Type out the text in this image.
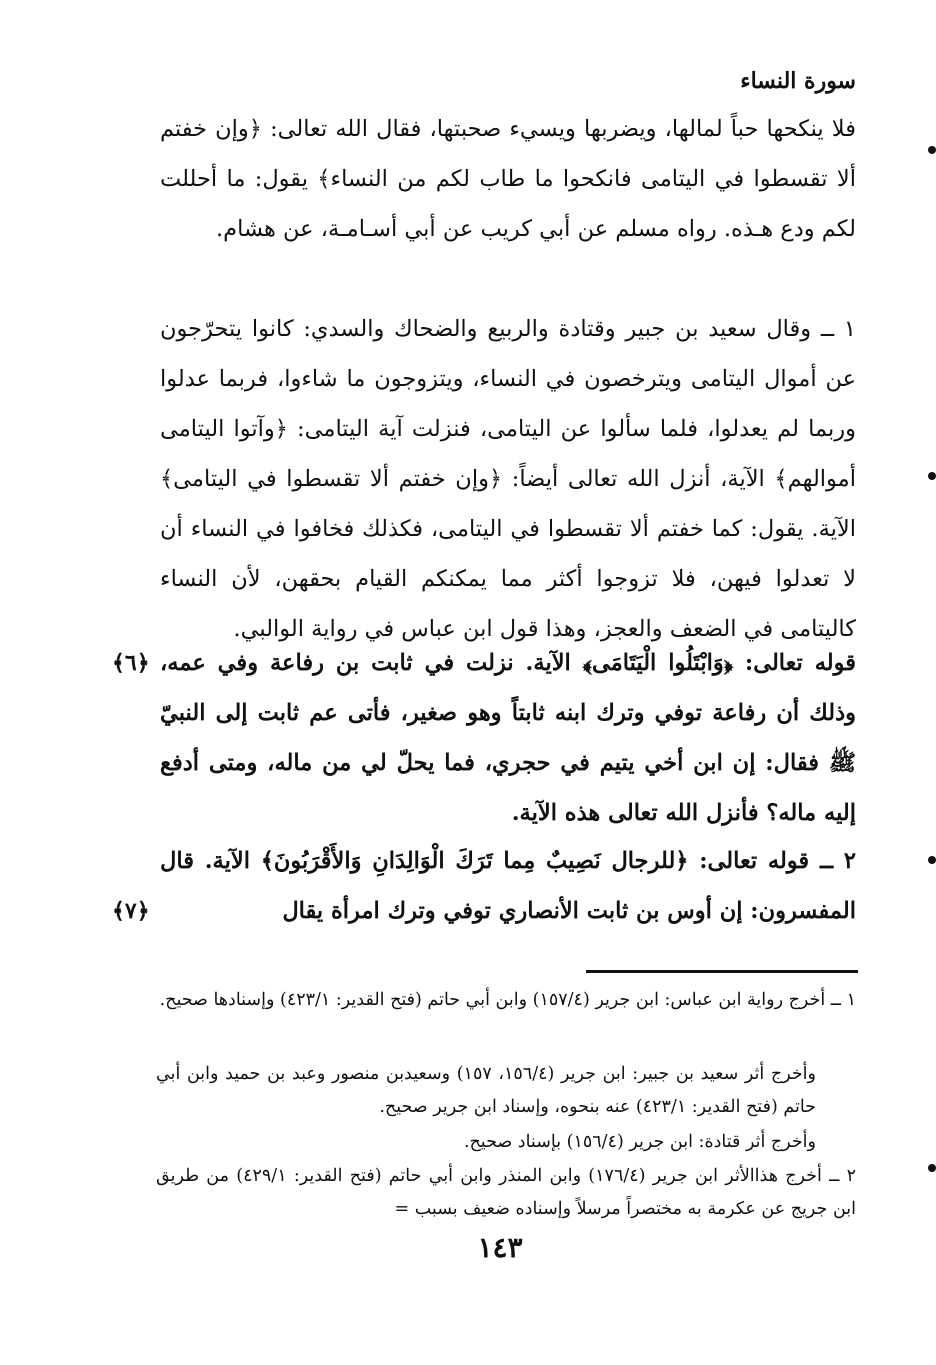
سورة النساء
فلا ينكحها حباً لمالها، ويضربها ويسيء صحبتها، فقال الله تعالى: ﴿وإن خفتم ألا تقسطوا في اليتامى فانكحوا ما طاب لكم من النساء﴾ يقول: ما أحللت لكم ودع هـذه. رواه مسلم عن أبي كريب عن أبي أسـامـة، عن هشام.
١ ــ وقال سعيد بن جبير وقتادة والربيع والضحاك والسدي: كانوا يتحرّجون عن أموال اليتامى ويترخصون في النساء، ويتزوجون ما شاءوا، فربما عدلوا وربما لم يعدلوا، فلما سألوا عن اليتامى، فنزلت آية اليتامى: ﴿وآتوا اليتامى أموالهم﴾ الآية، أنزل الله تعالى أيضاً: ﴿وإن خفتم ألا تقسطوا في اليتامى﴾ الآية. يقول: كما خفتم ألا تقسطوا في اليتامى، فكذلك فخافوا في النساء أن لا تعدلوا فيهن، فلا تزوجوا أكثر مما يمكنكم القيام بحقهن، لأن النساء كاليتامى في الضعف والعجز، وهذا قول ابن عباس في رواية الوالبي.
قوله تعالى: ﴿وَابْتَلُوا الْيَتَامَى﴾ الآية. نزلت في ثابت بن رفاعة وفي عمه، وذلك أن رفاعة توفي وترك ابنه ثابتاً وهو صغير، فأتى عم ثابت إلى النبيّ ﷺ فقال: إن ابن أخي يتيم في حجري، فما يحلّ لي من ماله، ومتى أدفع إليه ماله؟ فأنزل الله تعالى هذه الآية.
﴿٦﴾
٢ ــ قوله تعالى: ﴿للرجال نَصِيبٌ مِما تَرَكَ الْوَالِدَانِ وَالأَقْرَبُونَ﴾ الآية. قال المفسرون: إن أوس بن ثابت الأنصاري توفي وترك امرأة يقال
﴿٧﴾
١ ــ أخرج رواية ابن عباس: ابن جرير (١٥٧/٤) وابن أبي حاتم (فتح القدير: ٤٢٣/١) وإسنادها صحيح.
وأخرج أثر سعيد بن جبير: ابن جرير (١٥٦/٤، ١٥٧) وسعيدبن منصور وعبد بن حميد وابن أبي حاتم (فتح القدير: ٤٢٣/١) عنه بنحوه، وإسناد ابن جرير صحيح.
وأخرج أثر قتادة: ابن جرير (١٥٦/٤) بإسناد صحيح.
٢ ــ أخرج هذاالأثر ابن جرير (١٧٦/٤) وابن المنذر وابن أبي حاتم (فتح القدير: ٤٢٩/١) من طريق ابن جريج عن عكرمة به مختصراً مرسلاً وإسناده ضعيف بسبب =
١٤٣
